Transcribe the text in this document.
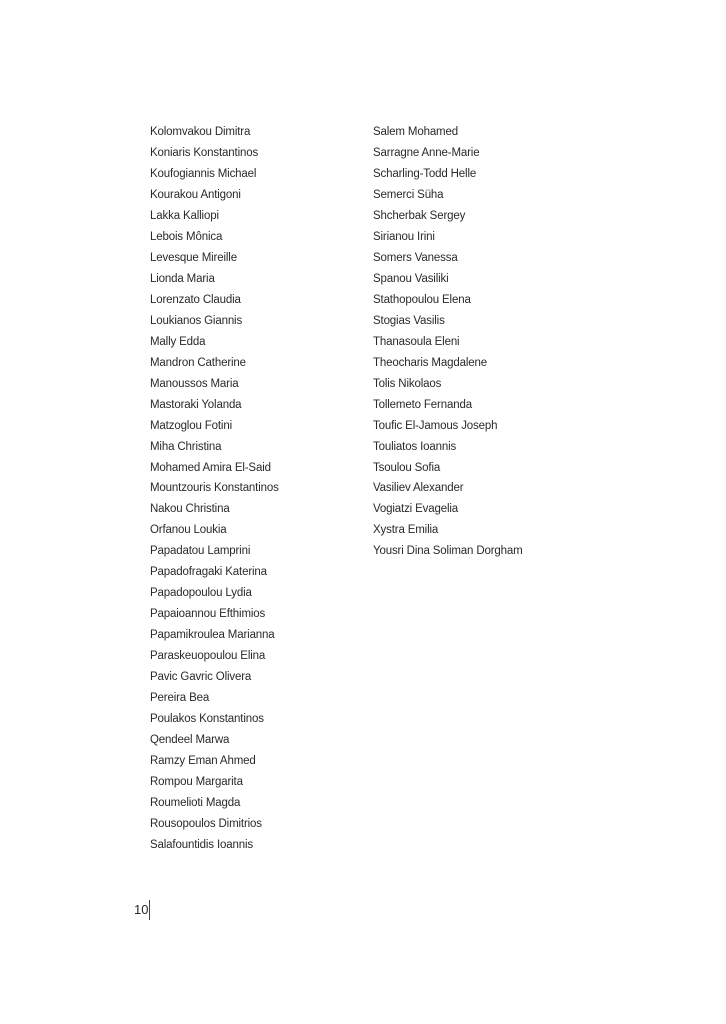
Kolomvakou Dimitra
Koniaris Konstantinos
Koufogiannis Michael
Kourakou Antigoni
Lakka Kalliopi
Lebois Mônica
Levesque Mireille
Lionda Maria
Lorenzato Claudia
Loukianos Giannis
Mally Edda
Mandron Catherine
Manoussos Maria
Mastoraki Yolanda
Matzoglou Fotini
Miha Christina
Mohamed Amira El-Said
Mountzouris Konstantinos
Nakou Christina
Orfanou Loukia
Papadatou Lamprini
Papadofragaki Katerina
Papadopoulou Lydia
Papaioannou Efthimios
Papamikroulea Marianna
Paraskeuopoulou Elina
Pavic Gavric Olivera
Pereira Bea
Poulakos Konstantinos
Qendeel Marwa
Ramzy Eman Ahmed
Rompou Margarita
Roumelioti Magda
Rousopoulos Dimitrios
Salafountidis Ioannis
Salem Mohamed
Sarragne Anne-Marie
Scharling-Todd Helle
Semerci Süha
Shcherbak Sergey
Sirianou Irini
Somers Vanessa
Spanou Vasiliki
Stathopoulou Elena
Stogias Vasilis
Thanasoula Eleni
Theocharis Magdalene
Tolis Nikolaos
Tollemeto Fernanda
Toufic El-Jamous Joseph
Touliatos Ioannis
Tsoulou Sofia
Vasiliev Alexander
Vogiatzi Evagelia
Xystra Emilia
Yousri Dina Soliman Dorgham
10
